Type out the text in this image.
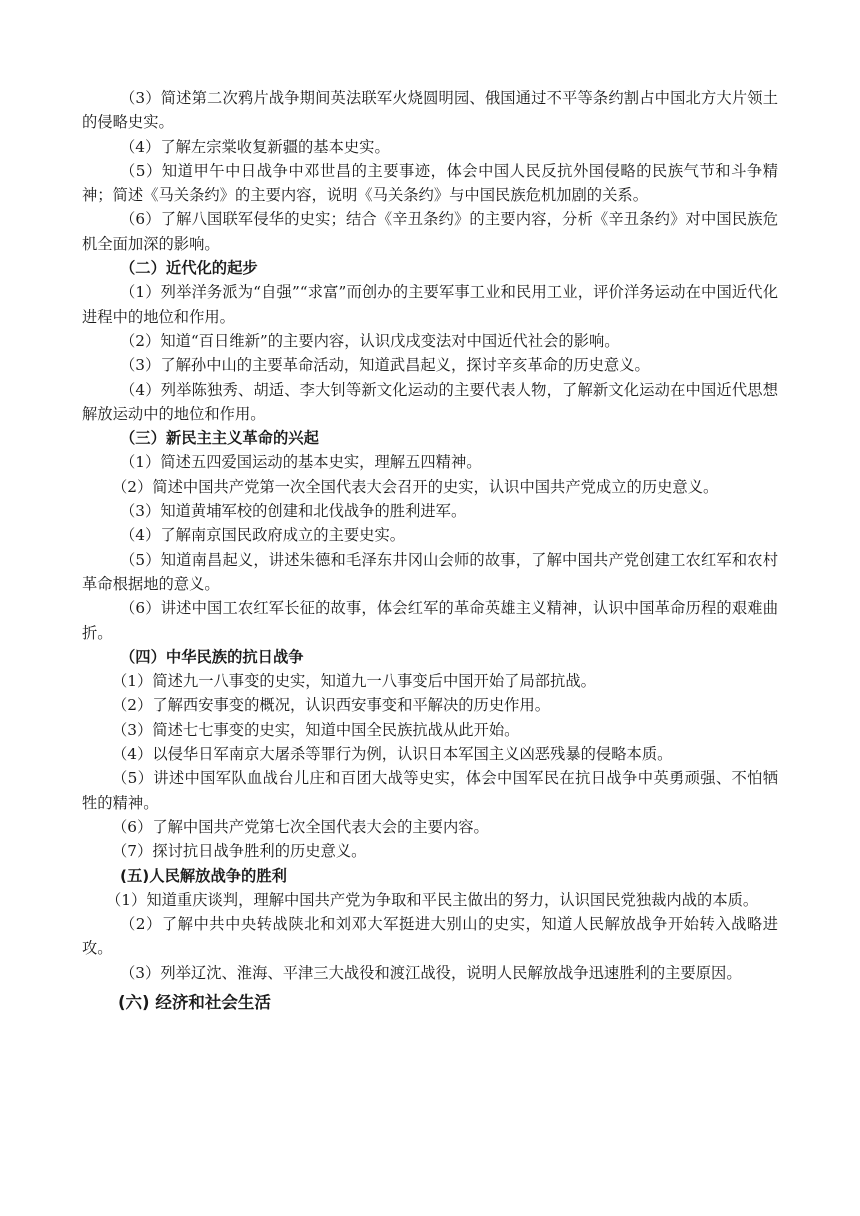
（3）简述第二次鸦片战争期间英法联军火烧圆明园、俄国通过不平等条约割占中国北方大片领土的侵略史实。

（4）了解左宗棠收复新疆的基本史实。

（5）知道甲午中日战争中邓世昌的主要事迹，体会中国人民反抗外国侵略的民族气节和斗争精神；简述《马关条约》的主要内容，说明《马关条约》与中国民族危机加剧的关系。

（6）了解八国联军侵华的史实；结合《辛丑条约》的主要内容，分析《辛丑条约》对中国民族危机全面加深的影响。

（二）近代化的起步

（1）列举洋务派为“自强”“求富”而创办的主要军事工业和民用工业，评价洋务运动在中国近代化进程中的地位和作用。

（2）知道“百日维新”的主要内容，认识戊戌变法对中国近代社会的影响。

（3）了解孙中山的主要革命活动，知道武昌起义，探讨辛亥革命的历史意义。

（4）列举陈独秀、胡适、李大钊等新文化运动的主要代表人物，了解新文化运动在中国近代思想解放运动中的地位和作用。

（三）新民主主义革命的兴起

（1）简述五四爱国运动的基本史实，理解五四精神。

（2）简述中国共产党第一次全国代表大会召开的史实，认识中国共产党成立的历史意义。

（3）知道黄埔军校的创建和北伐战争的胜利进军。

（4）了解南京国民政府成立的主要史实。

（5）知道南昌起义，讲述朱德和毛泽东井冈山会师的故事，了解中国共产党创建工农红军和农村革命根据地的意义。

（6）讲述中国工农红军长征的故事，体会红军的革命英雄主义精神，认识中国革命历程的艰难曲折。

（四）中华民族的抗日战争

（1）简述九一八事变的史实，知道九一八事变后中国开始了局部抗战。

（2）了解西安事变的概况，认识西安事变和平解决的历史作用。

（3）简述七七事变的史实，知道中国全民族抗战从此开始。

（4）以侵华日军南京大屠杀等罪行为例，认识日本军国主义凶恶残暴的侵略本质。

（5）讲述中国军队血战台儿庄和百团大战等史实，体会中国军民在抗日战争中英勇顽强、不怕牺牲的精神。

（6）了解中国共产党第七次全国代表大会的主要内容。

（7）探讨抗日战争胜利的历史意义。

(五)人民解放战争的胜利

（1）知道重庆谈判，理解中国共产党为争取和平民主做出的努力，认识国民党独裁内战的本质。

（2）了解中共中央转战陕北和刘邓大军挺进大别山的史实，知道人民解放战争开始转入战略进攻。

（3）列举辽沈、淮海、平津三大战役和渡江战役，说明人民解放战争迅速胜利的主要原因。

(六) 经济和社会生活
